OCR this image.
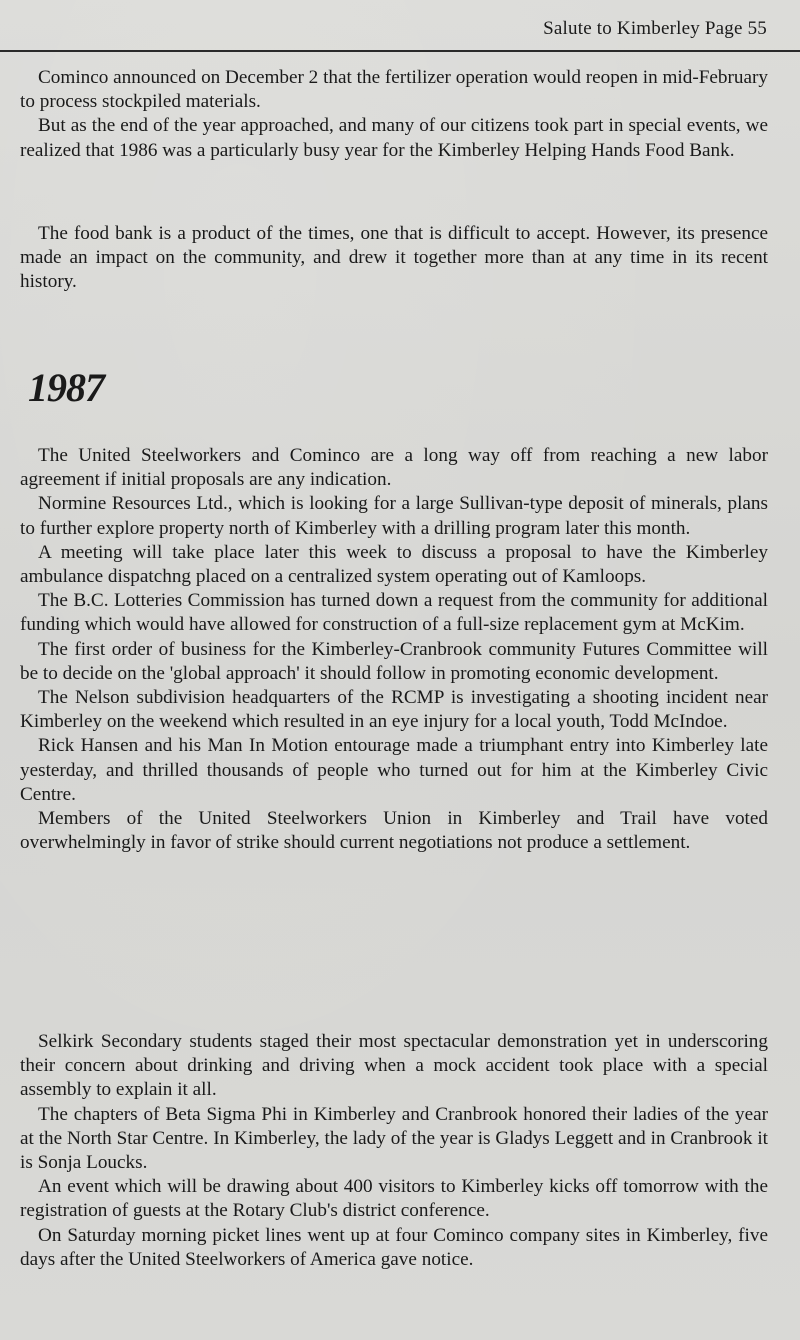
Salute to Kimberley Page 55

Cominco announced on December 2 that the fertilizer operation would reopen in mid-February to process stockpiled materials.

But as the end of the year approached, and many of our citizens took part in special events, we realized that 1986 was a particularly busy year for the Kimberley Helping Hands Food Bank.

The food bank is a product of the times, one that is difficult to accept. However, its presence made an impact on the community, and drew it together more than at any time in its recent history.

1987

The United Steelworkers and Cominco are a long way off from reaching a new labor agreement if initial proposals are any indication.

Normine Resources Ltd., which is looking for a large Sullivan-type deposit of minerals, plans to further explore property north of Kimberley with a drilling program later this month.

A meeting will take place later this week to discuss a proposal to have the Kimberley ambulance dispatchng placed on a centralized system operating out of Kamloops.

The B.C. Lotteries Commission has turned down a request from the community for additional funding which would have allowed for construction of a full-size replacement gym at McKim.

The first order of business for the Kimberley-Cranbrook community Futures Committee will be to decide on the 'global approach' it should follow in promoting economic development.

The Nelson subdivision headquarters of the RCMP is investigating a shooting incident near Kimberley on the weekend which resulted in an eye injury for a local youth, Todd McIndoe.

Rick Hansen and his Man In Motion entourage made a triumphant entry into Kimberley late yesterday, and thrilled thousands of people who turned out for him at the Kimberley Civic Centre.

Members of the United Steelworkers Union in Kimberley and Trail have voted overwhelmingly in favor of strike should current negotiations not produce a settlement.

Selkirk Secondary students staged their most spectacular demonstration yet in underscoring their concern about drinking and driving when a mock accident took place with a special assembly to explain it all.

The chapters of Beta Sigma Phi in Kimberley and Cranbrook honored their ladies of the year at the North Star Centre. In Kimberley, the lady of the year is Gladys Leggett and in Cranbrook it is Sonja Loucks.

An event which will be drawing about 400 visitors to Kimberley kicks off tomorrow with the registration of guests at the Rotary Club's district conference.

On Saturday morning picket lines went up at four Cominco company sites in Kimberley, five days after the United Steelworkers of America gave notice.
